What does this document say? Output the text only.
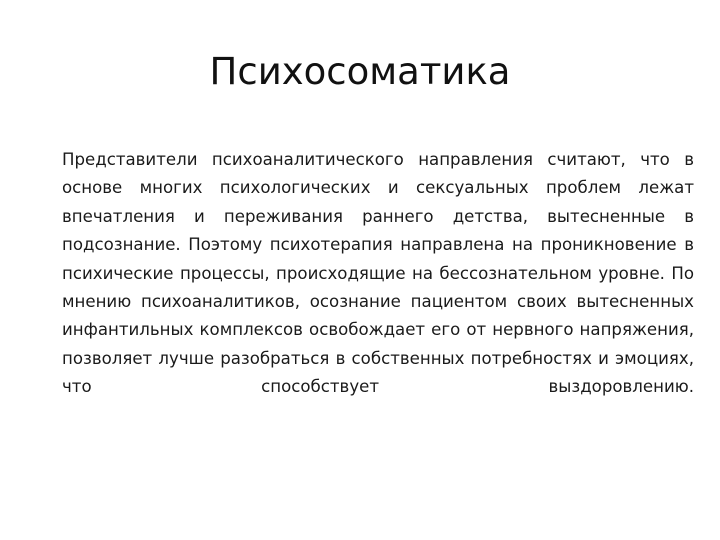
Психосоматика

Представители психоаналитического направления считают, что в основе многих психологических и сексуальных проблем лежат впечатления и переживания раннего детства, вытесненные в подсознание. Поэтому психотерапия направлена на проникновение в психические процессы, происходящие на бессознательном уровне. По мнению психоаналитиков, осознание пациентом своих вытесненных инфантильных комплексов освобождает его от нервного напряжения, позволяет лучше разобраться в собственных потребностях и эмоциях, что способствует выздоровлению.
